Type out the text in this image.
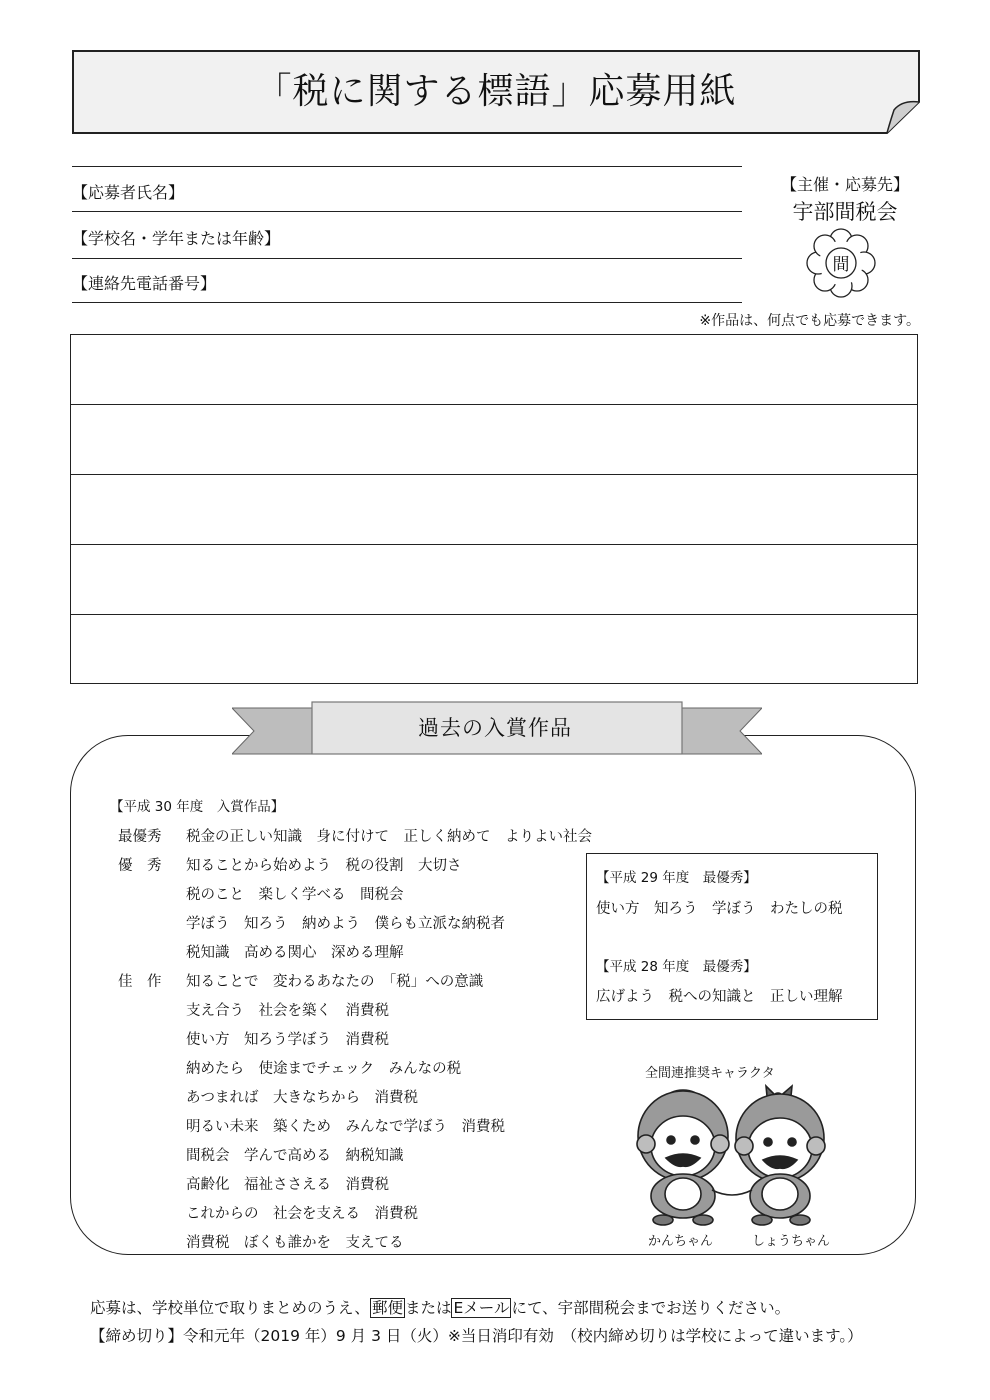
「税に関する標語」応募用紙
【応募者氏名】
【学校名・学年または年齢】
【連絡先電話番号】
【主催・応募先】
宇部間税会
間
※作品は、何点でも応募できます。
過去の入賞作品
【平成 30 年度　入賞作品】
最優秀 税金の正しい知識　身に付けて　正しく納めて　よりよい社会
優　秀 知ることから始めよう　税の役割　大切さ
税のこと　楽しく学べる　間税会
学ぼう　知ろう　納めよう　僕らも立派な納税者
税知識　高める関心　深める理解
佳　作 知ることで　変わるあなたの　「税」への意識
支え合う　社会を築く　消費税
使い方　知ろう学ぼう　消費税
納めたら　使途までチェック　みんなの税
あつまれば　大きなちから　消費税
明るい未来　築くため　みんなで学ぼう　消費税
間税会　学んで高める　納税知識
高齢化　福祉ささえる　消費税
これからの　社会を支える　消費税
消費税　ぼくも誰かを　支えてる
【平成 29 年度　最優秀】
使い方　知ろう　学ぼう　わたしの税
【平成 28 年度　最優秀】
広げよう　税への知識と　正しい理解
全間連推奨キャラクタ
かんちゃん	しょうちゃん
応募は、学校単位で取りまとめのうえ、 郵便 または Eメール にて、宇部間税会までお送りください。
【締め切り】令和元年（2019 年）9 月 3 日（火）※当日消印有効　（校内締め切りは学校によって違います。）
